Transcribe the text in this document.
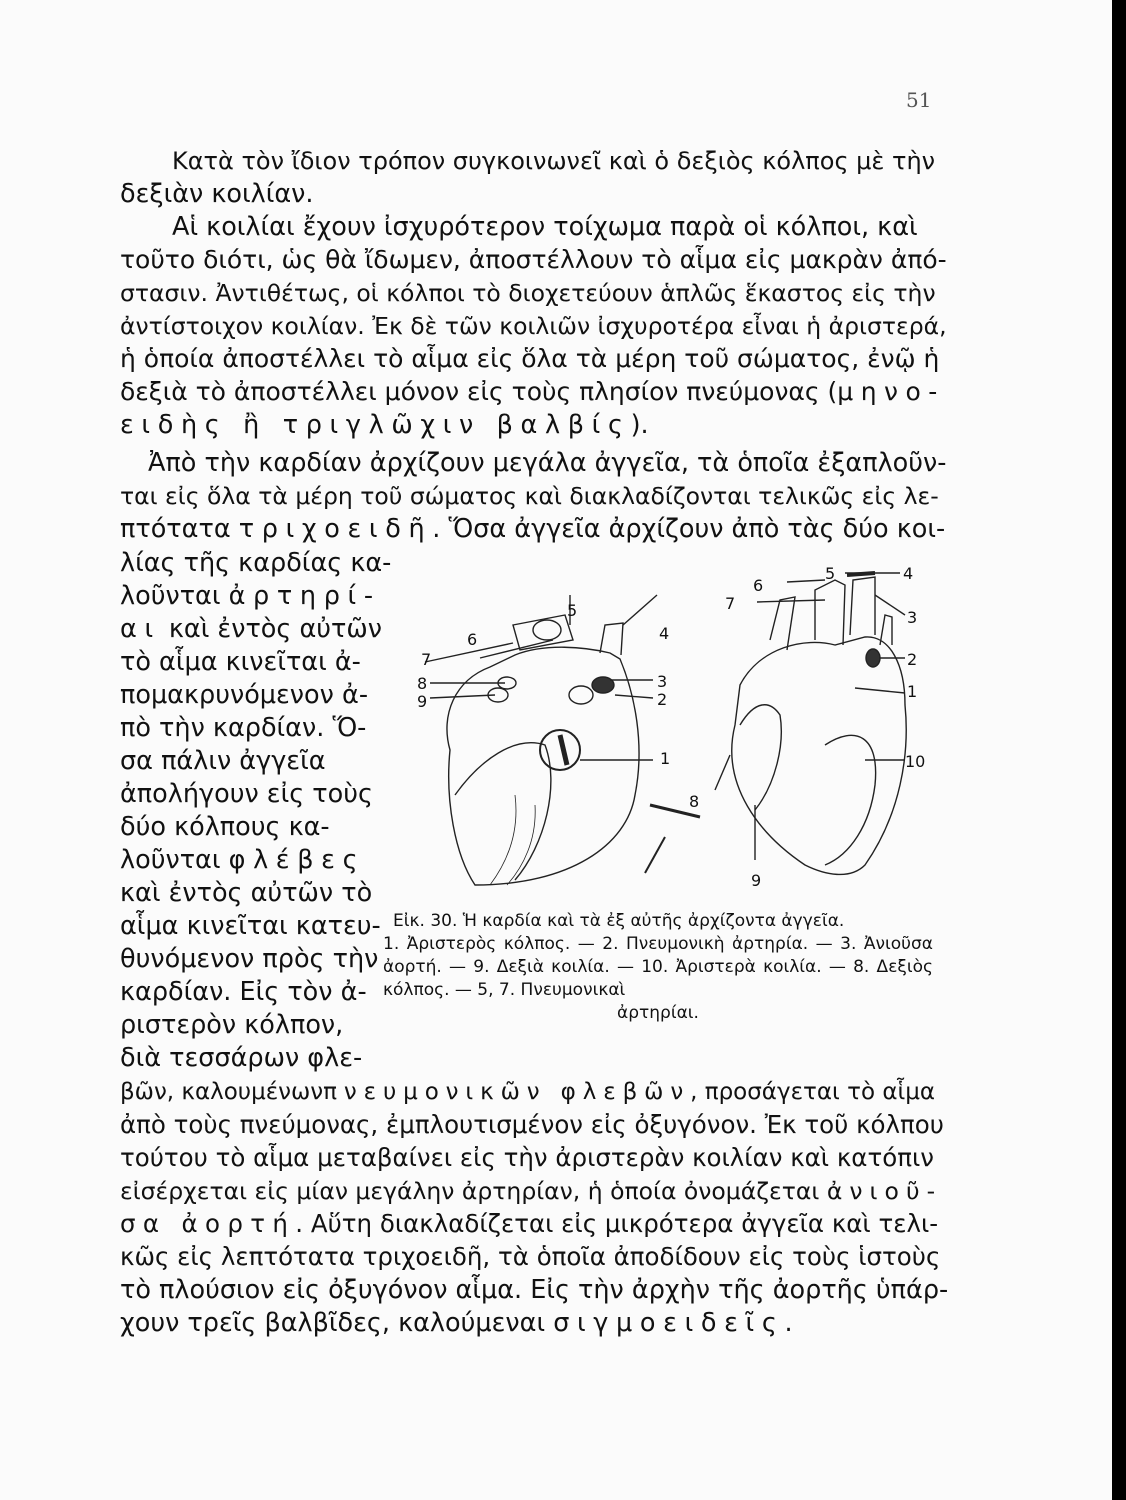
51
Κατὰ τὸν ἴδιον τρόπον συγκοινωνεῖ καὶ ὁ δεξιὸς κόλπος μὲ τὴν
δεξιὰν κοιλίαν.
Αἱ κοιλίαι ἔχουν ἰσχυρότερον τοίχωμα παρὰ οἱ κόλποι, καὶ
τοῦτο διότι, ὡς θὰ ἴδωμεν, ἀποστέλλουν τὸ αἷμα εἰς μακρὰν ἀπό-
στασιν. Ἀντιθέτως, οἱ κόλποι τὸ διοχετεύουν ἁπλῶς ἕκαστος εἰς τὴν
ἀντίστοιχον κοιλίαν. Ἐκ δὲ τῶν κοιλιῶν ἰσχυροτέρα εἶναι ἡ ἀριστερά,
ἡ ὁποία ἀποστέλλει τὸ αἷμα εἰς ὅλα τὰ μέρη τοῦ σώματος, ἐνῷ ἡ
δεξιὰ τὸ ἀποστέλλει μόνον εἰς τοὺς πλησίον πνεύμονας (μηνο-
ειδὴς ἢ τριγλῶχιν βαλβίς).
Ἀπὸ τὴν καρδίαν ἀρχίζουν μεγάλα ἀγγεῖα, τὰ ὁποῖα ἐξαπλοῦν-
ται εἰς ὅλα τὰ μέρη τοῦ σώματος καὶ διακλαδίζονται τελικῶς εἰς λε-
πτότατα τριχοειδῆ. Ὅσα ἀγγεῖα ἀρχίζουν ἀπὸ τὰς δύο κοι-
λίας τῆς καρδίας κα-
λοῦνται ἀρτηρί-
αι καὶ ἐντὸς αὐτῶν
τὸ αἷμα κινεῖται ἀ-
πομακρυνόμενον ἀ-
πὸ τὴν καρδίαν. Ὅ-
σα πάλιν ἀγγεῖα
ἀπολήγουν εἰς τοὺς
δύο κόλπους κα-
λοῦνται φλέβες
καὶ ἐντὸς αὐτῶν τὸ
αἷμα κινεῖται κατευ-
θυνόμενον πρὸς τὴν
καρδίαν. Εἰς τὸν ἀ-
ριστερὸν κόλπον,
διὰ τεσσάρων φλε-
1
2
3
4
5
6
7
8
9
1
2
3
4
5
6
7
8
9
10
Εἰκ. 30. Ἡ καρδία καὶ τὰ ἐξ αὐτῆς ἀρχίζοντα ἀγγεῖα.
1. Ἀριστερὸς κόλπος. — 2. Πνευμονικὴ ἀρτηρία. — 3. Ἀνιοῦσα ἀορτή. — 9. Δεξιὰ κοιλία. — 10. Ἀριστερὰ κοιλία. — 8. Δεξιὸς κόλπος. — 5, 7. Πνευμονικαὶ
ἀρτηρίαι.
βῶν, καλουμένωνπνευμονικῶν φλεβῶν, προσάγεται τὸ αἷμα
ἀπὸ τοὺς πνεύμονας, ἐμπλουτισμένον εἰς ὀξυγόνον. Ἐκ τοῦ κόλπου
τούτου τὸ αἷμα μεταβαίνει εἰς τὴν ἀριστερὰν κοιλίαν καὶ κατόπιν
εἰσέρχεται εἰς μίαν μεγάλην ἀρτηρίαν, ἡ ὁποία ὀνομάζεται ἀνιοῦ-
σα ἀορτή. Αὕτη διακλαδίζεται εἰς μικρότερα ἀγγεῖα καὶ τελι-
κῶς εἰς λεπτότατα τριχοειδῆ, τὰ ὁποῖα ἀποδίδουν εἰς τοὺς ἱστοὺς
τὸ πλούσιον εἰς ὀξυγόνον αἷμα. Εἰς τὴν ἀρχὴν τῆς ἀορτῆς ὑπάρ-
χουν τρεῖς βαλβῖδες, καλούμεναι σιγμοειδεῖς.
